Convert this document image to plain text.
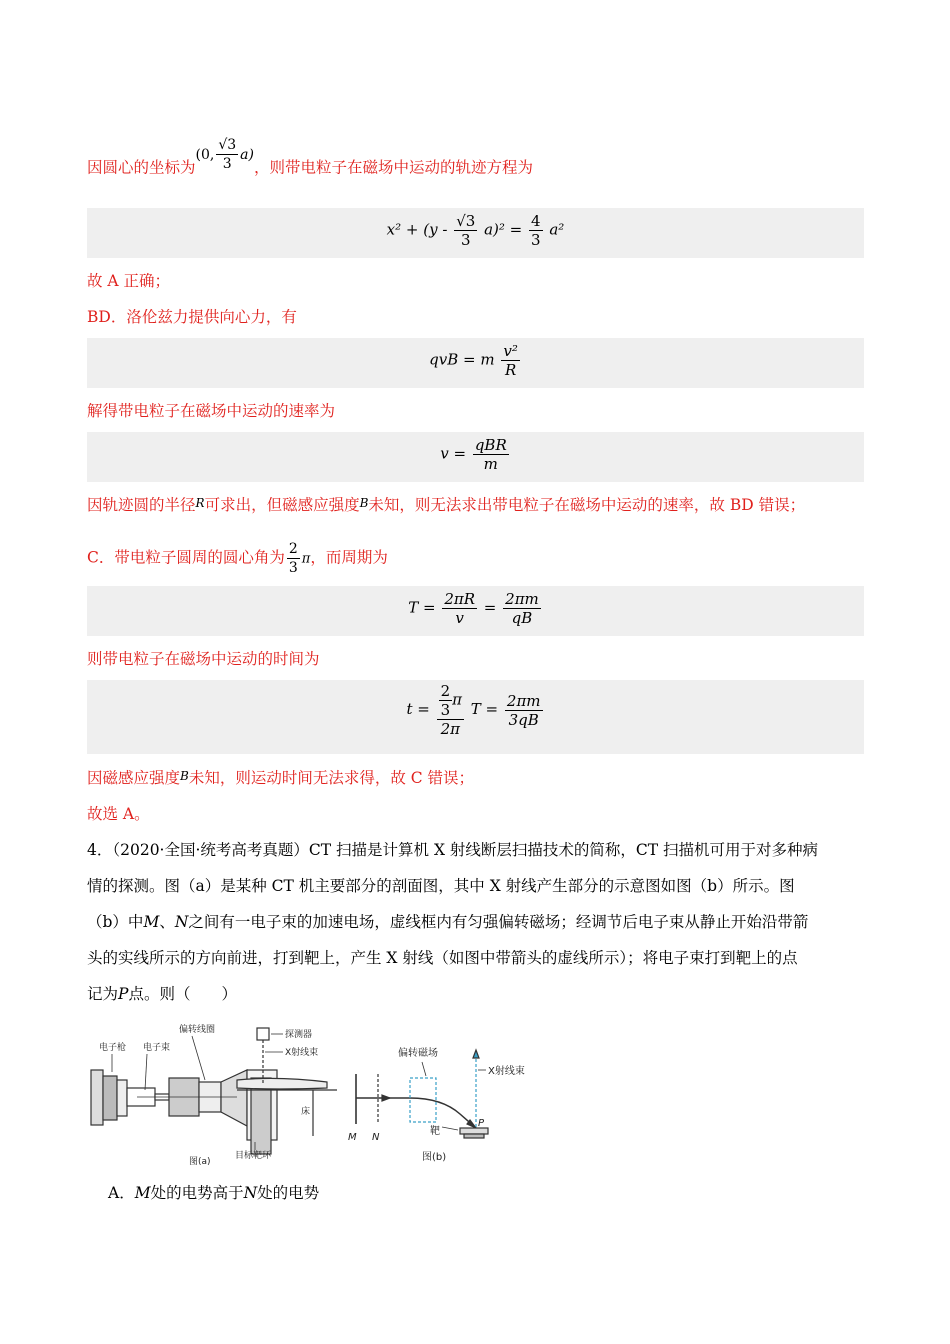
因圆心的坐标为(0, $\frac{√3}{3} a$)，则带电粒子在磁场中运动的轨迹方程为
$x^2 + (y - \frac{√3}{3} a)^2 = \frac{4}{3} a^2$
故 A 正确；
BD．洛伦兹力提供向心力，有
qvB = m $\frac{\text{v²}}{R}$
解得带电粒子在磁场中运动的速率为
$v = \frac{\text{qBR}}{m}$
因轨迹圆的半径R可求出，但磁感应强度B未知，则无法求出带电粒子在磁场中运动的速率，故 BD 错误；
C．带电粒子圆周的圆心角为 $\frac{2}{3}$ π，而周期为
$T = \frac{2\pi R}{v} = \frac{2\pi m}{qB}$
则带电粒子在磁场中运动的时间为
$t = \frac{\frac{2}{3} \pi}{2\pi}$ $T = \frac{2\pi m}{3qB}$
因磁感应强度B未知，则运动时间无法求得，故 C 错误；
故选 A。
4．（2020·全国·统考高考真题）CT 扫描是计算机 X 射线断层扫描技术的简称，CT 扫描机可用于对多种病
情的探测。图（a）是某种 CT 机主要部分的剖面图，其中 X 射线产生部分的示意图如图（b）所示。图
（b）中M、N之间有一电子束的加速电场，虚线框内有匀强偏转磁场；经调节后电子束从静止开始沿带箭
头的实线所示的方向前进，打到靶上，产生 X 射线（如图中带箭头的虚线所示）；将电子束打到靶上的点
记为P点。则（　　）
电子枪 电子束
偏转线圈	探测器
X射线束
床
目标靶环
图(a)
偏转磁场
X射线束
M N
P
靶
图(b)
A．M处的电势高于N处的电势
